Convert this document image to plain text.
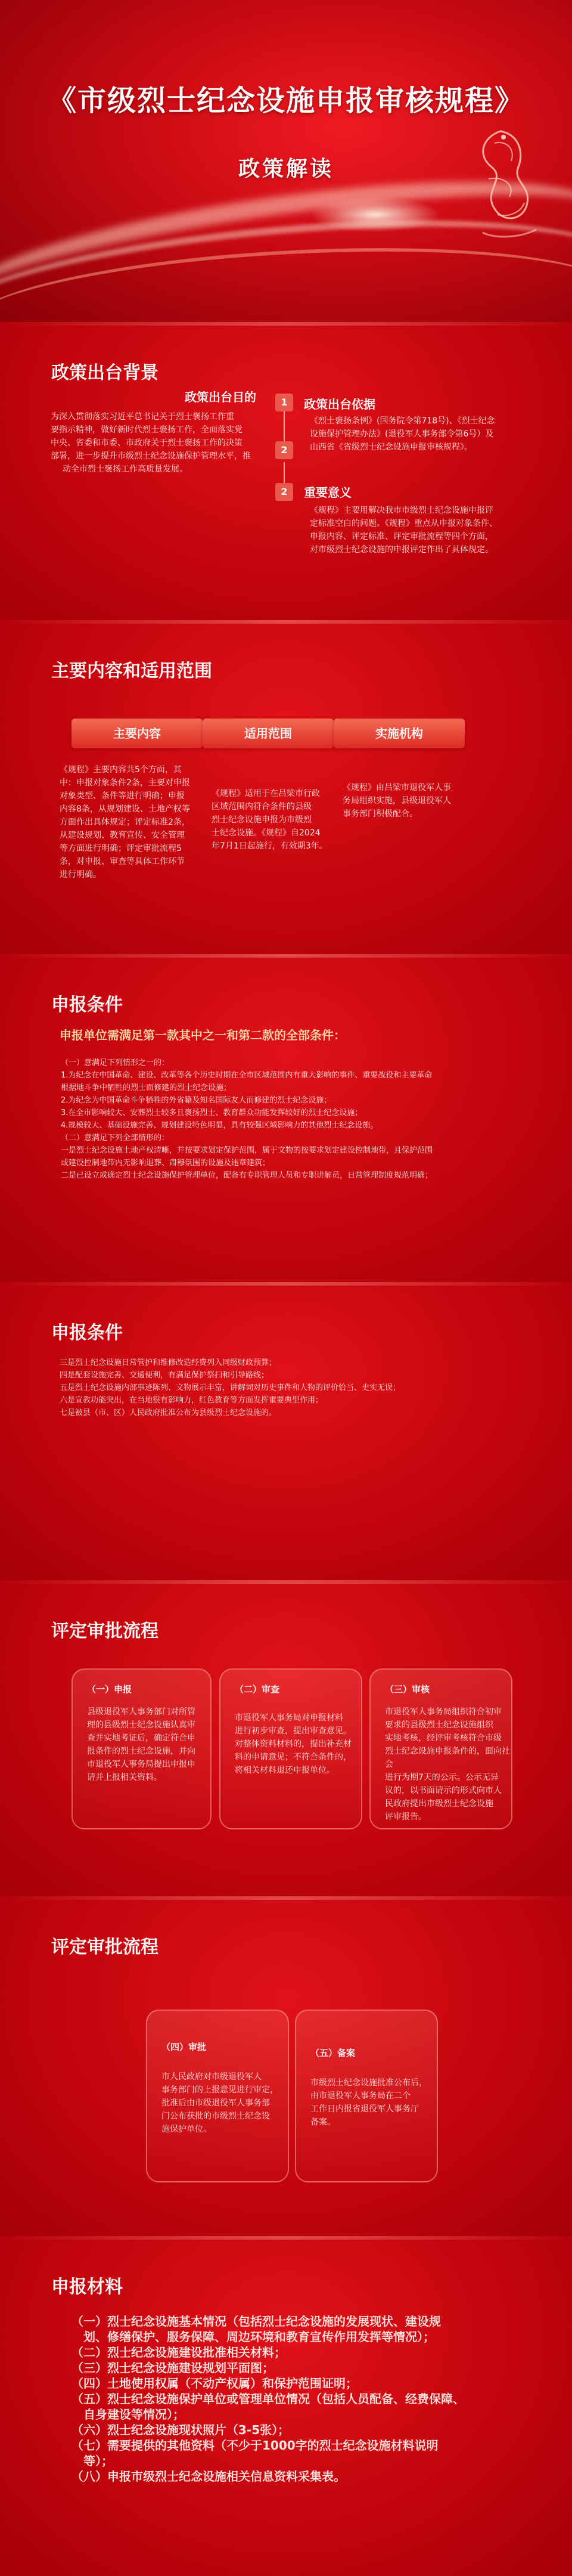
《市级烈士纪念设施申报审核规程》
政策解读
政策出台背景
政策出台目的
为深入贯彻落实习近平总书记关于烈士褒扬工作重
要指示精神，做好新时代烈士褒扬工作，全面落实党
中央、省委和市委、市政府关于烈士褒扬工作的决策
部署，进一步提升市级烈士纪念设施保护管理水平，推
动全市烈士褒扬工作高质量发展。
1
2
2
政策出台依据
《烈士褒扬条例》(国务院令第718号)、《烈士纪念
设施保护管理办法》(退役军人事务部令第6号）及
山西省《省级烈士纪念设施申报审核规程》。
重要意义
《规程》主要用解决我市市级烈士纪念设施申报评
定标准空白的问题。《规程》重点从申报对象条件、
申报内容、评定标准、评定审批流程等四个方面，
对市级烈士纪念设施的申报评定作出了具体规定。
主要内容和适用范围
主要内容	适用范围	实施机构
《规程》主要内容共5个方面，其
中：申报对象条件2条，主要对申报
对象类型、条件等进行明确；申报
内容8条，从规划建设、土地产权等
方面作出具体规定；评定标准2条，
从建设规划、教育宣传、安全管理
等方面进行明确；评定审批流程5
条，对申报、审查等具体工作环节
进行明确。
《规程》适用于在吕梁市行政
区域范围内符合条件的县级
烈士纪念设施申报为市级烈
士纪念设施。《规程》自2024
年7月1日起施行，有效期3年。
《规程》由吕梁市退役军人事
务局组织实施，县级退役军人
事务部门积极配合。
申报条件
申报单位需满足第一款其中之一和第二款的全部条件：
（一）意满足下列情形之一的：
1.为纪念在中国革命、建设、改革等各个历史时期在全市区域范围内有重大影响的事件、重要战役和主要革命
根据地斗争中牺牲的烈士而修建的烈士纪念设施；
2.为纪念为中国革命斗争牺牲的外省籍及知名国际友人而修建的烈士纪念设施；
3.在全市影响较大、安葬烈士较多且褒扬烈士、教育群众功能发挥较好的烈士纪念设施；
4.规模较大、基础设施完善、规划建设特色明显，具有较强区域影响力的其他烈士纪念设施。
（二）意满足下列全部情形的：
一是烈士纪念设施土地产权清晰，并按要求划定保护范围，属于文物的按要求划定建设控制地带，且保护范围
或建设控制地带内无影响退葬、肃穆氛围的设施及违章建筑；
二是已设立或确定烈士纪念设施保护管理单位，配备有专职管理人员和专职讲解员，日常管理制度规范明确；
申报条件
三是烈士纪念设施日常管护和维修改造经费列入同级财政预算；
四是配套设施完善、交通便利，有满足保护祭扫和引导路线；
五是烈士纪念设施内部事迹陈列、文物展示丰富，讲解词对历史事件和人物的评价恰当、史实无误；
六是宣教功能突出，在当地很有影响力，红色教育等方面发挥重要典型作用；
七是被县（市、区）人民政府批准公布为县级烈士纪念设施的。
评定审批流程
（一）申报
县级退役军人事务部门对所管
理的县级烈士纪念设施认真审
查并实地考证后，确定符合申
报条件的烈士纪念设施，并向
市退役军人事务局提出申报申
请并上报相关资料。
（二）审查
市退役军人事务局对申报材料
进行初步审查，提出审查意见。
对整体资料材料的，提出补充材
料的申请意见；不符合条件的，
将相关材料退还申报单位。
（三）审核
市退役军人事务局组织符合初审
要求的县级烈士纪念设施组织
实地考核，经评审考核符合市级
烈士纪念设施申报条件的，面向社会
进行为期7天的公示。公示无异
议的，以书面请示的形式向市人
民政府提出市级烈士纪念设施
评审报告。
评定审批流程
（四）审批
市人民政府对市级退役军人
事务部门的上报意见进行审定，
批准后由市级退役军人事务部
门公布获批的市级烈士纪念设
施保护单位。
（五）备案
市级烈士纪念设施批准公布后，
由市退役军人事务局在二个
工作日内报省退役军人事务厅
备案。
申报材料
（一）烈士纪念设施基本情况（包括烈士纪念设施的发展现状、建设规
划、修缮保护、服务保障、周边环境和教育宣传作用发挥等情况）；
（二）烈士纪念设施建设批准相关材料；
（三）烈士纪念设施建设规划平面图；
（四）土地使用权属（不动产权属）和保护范围证明；
（五）烈士纪念设施保护单位或管理单位情况（包括人员配备、经费保障、
自身建设等情况）；
（六）烈士纪念设施现状照片（3-5张）；
（七）需要提供的其他资料（不少于1000字的烈士纪念设施材料说明
等）；
（八）申报市级烈士纪念设施相关信息资料采集表。
